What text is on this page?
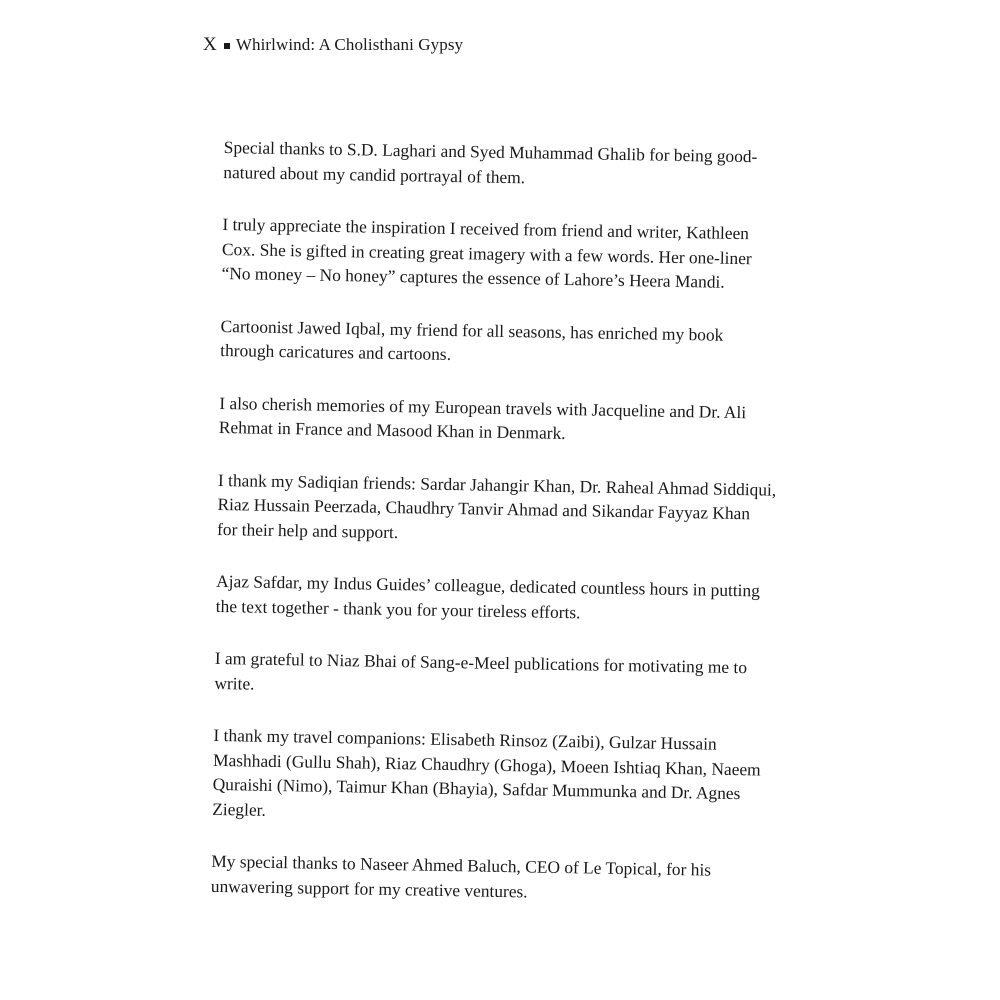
X Whirlwind: A Cholisthani Gypsy

Special thanks to S.D. Laghari and Syed Muhammad Ghalib for being good-
natured about my candid portrayal of them.

I truly appreciate the inspiration I received from friend and writer, Kathleen
Cox. She is gifted in creating great imagery with a few words. Her one-liner
“No money – No honey” captures the essence of Lahore’s Heera Mandi.

Cartoonist Jawed Iqbal, my friend for all seasons, has enriched my book
through caricatures and cartoons.

I also cherish memories of my European travels with Jacqueline and Dr. Ali
Rehmat in France and Masood Khan in Denmark.

I thank my Sadiqian friends: Sardar Jahangir Khan, Dr. Raheal Ahmad Siddiqui,
Riaz Hussain Peerzada, Chaudhry Tanvir Ahmad and Sikandar Fayyaz Khan
for their help and support.

Ajaz Safdar, my Indus Guides’ colleague, dedicated countless hours in putting
the text together - thank you for your tireless efforts.

I am grateful to Niaz Bhai of Sang-e-Meel publications for motivating me to
write.

I thank my travel companions: Elisabeth Rinsoz (Zaibi), Gulzar Hussain
Mashhadi (Gullu Shah), Riaz Chaudhry (Ghoga), Moeen Ishtiaq Khan, Naeem
Quraishi (Nimo), Taimur Khan (Bhayia), Safdar Mummunka and Dr. Agnes
Ziegler.

My special thanks to Naseer Ahmed Baluch, CEO of Le Topical, for his
unwavering support for my creative ventures.
